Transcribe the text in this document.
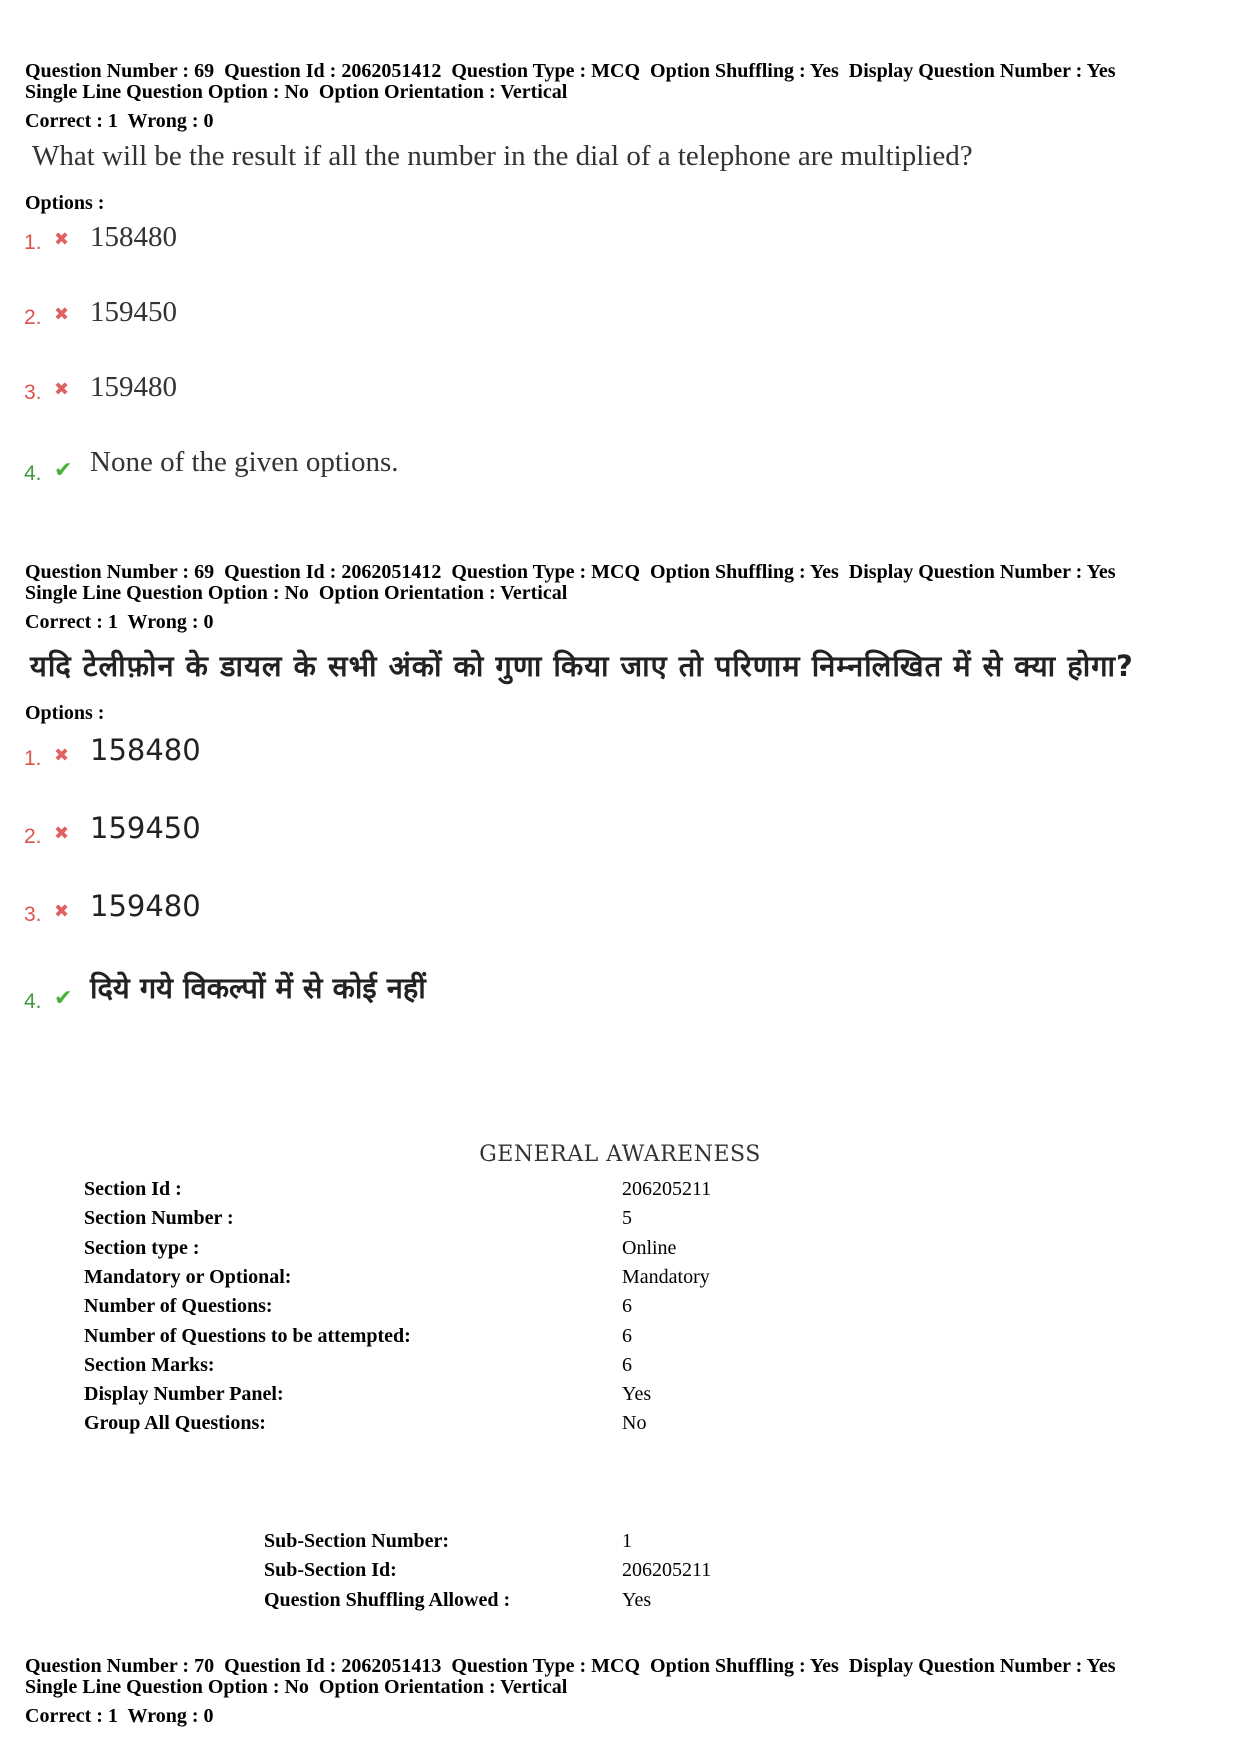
Question Number : 69  Question Id : 2062051412  Question Type : MCQ  Option Shuffling : Yes  Display Question Number : Yes
Single Line Question Option : No  Option Orientation : Vertical
Correct : 1  Wrong : 0
What will be the result if all the number in the dial of a telephone are multiplied?
Options :
1. ✖ 158480
2. ✖ 159450
3. ✖ 159480
4. ✔ None of the given options.
Question Number : 69  Question Id : 2062051412  Question Type : MCQ  Option Shuffling : Yes  Display Question Number : Yes
Single Line Question Option : No  Option Orientation : Vertical
Correct : 1  Wrong : 0
यदि टेलीफ़ोन के डायल के सभी अंकों को गुणा किया जाए तो परिणाम निम्नलिखित में से क्या होगा?
Options :
1. ✖ 158480
2. ✖ 159450
3. ✖ 159480
4. ✔ दिये गये विकल्पों में से कोई नहीं
GENERAL AWARENESS
Section Id :	206205211
Section Number :	5
Section type :	Online
Mandatory or Optional:	Mandatory
Number of Questions:	6
Number of Questions to be attempted:	6
Section Marks:	6
Display Number Panel:	Yes
Group All Questions:	No
Sub-Section Number:	1
Sub-Section Id:	206205211
Question Shuffling Allowed :	Yes
Question Number : 70  Question Id : 2062051413  Question Type : MCQ  Option Shuffling : Yes  Display Question Number : Yes
Single Line Question Option : No  Option Orientation : Vertical
Correct : 1  Wrong : 0
